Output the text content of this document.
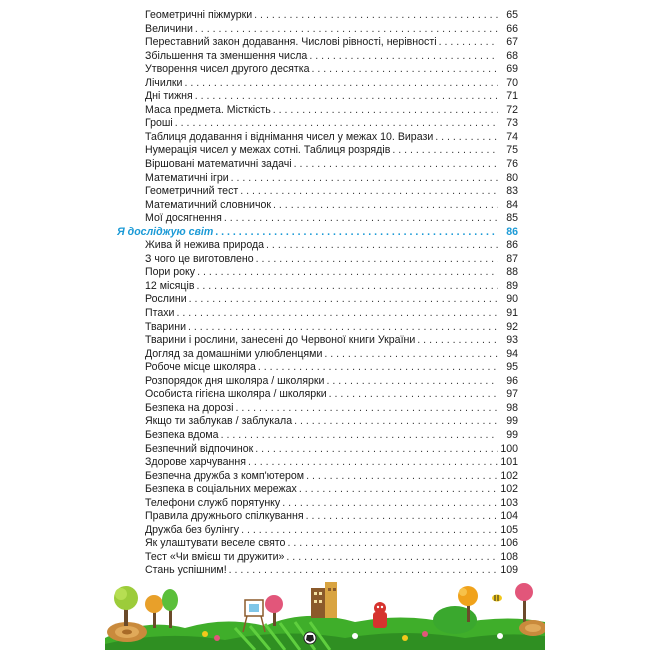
Геометричні піжмурки . . .	65
Величини . . .	66
Переставний закон додавання. Числові рівності, нерівності . . .	67
Збільшення та зменшення числа . . .	68
Утворення чисел другого десятка . . .	69
Лічилки . . .	70
Дні тижня . . .	71
Маса предмета. Місткість . . .	72
Гроші . . .	73
Таблиця додавання і віднімання чисел у межах 10. Вирази . . .	74
Нумерація чисел у межах сотні. Таблиця розрядів . . .	75
Віршовані математичні задачі . . .	76
Математичні ігри . . .	80
Геометричний тест . . .	83
Математичний словничок . . .	84
Мої досягнення . . .	85
Я досліджую світ . . .	86
Жива й нежива природа . . .	86
З чого це виготовлено . . .	87
Пори року . . .	88
12 місяців . . .	89
Рослини . . .	90
Птахи . . .	91
Тварини . . .	92
Тварини і рослини, занесені до Червоної книги України . . .	93
Догляд за домашніми улюбленцями . . .	94
Робоче місце школяра . . .	95
Розпорядок дня школяра / школярки . . .	96
Особиста гігієна школяра / школярки . . .	97
Безпека на дорозі . . .	98
Якщо ти заблукав / заблукала . . .	99
Безпека вдома . . .	99
Безпечний відпочинок . . .	100
Здорове харчування . . .	101
Безпечна дружба з комп'ютером . . .	102
Безпека в соціальних мережах . . .	102
Телефони служб порятунку . . .	103
Правила дружнього спілкування . . .	104
Дружба без булінгу . . .	105
Як улаштувати веселе свято . . .	106
Тест «Чи вмієш ти дружити» . . .	108
Стань успішним! . . .	109
